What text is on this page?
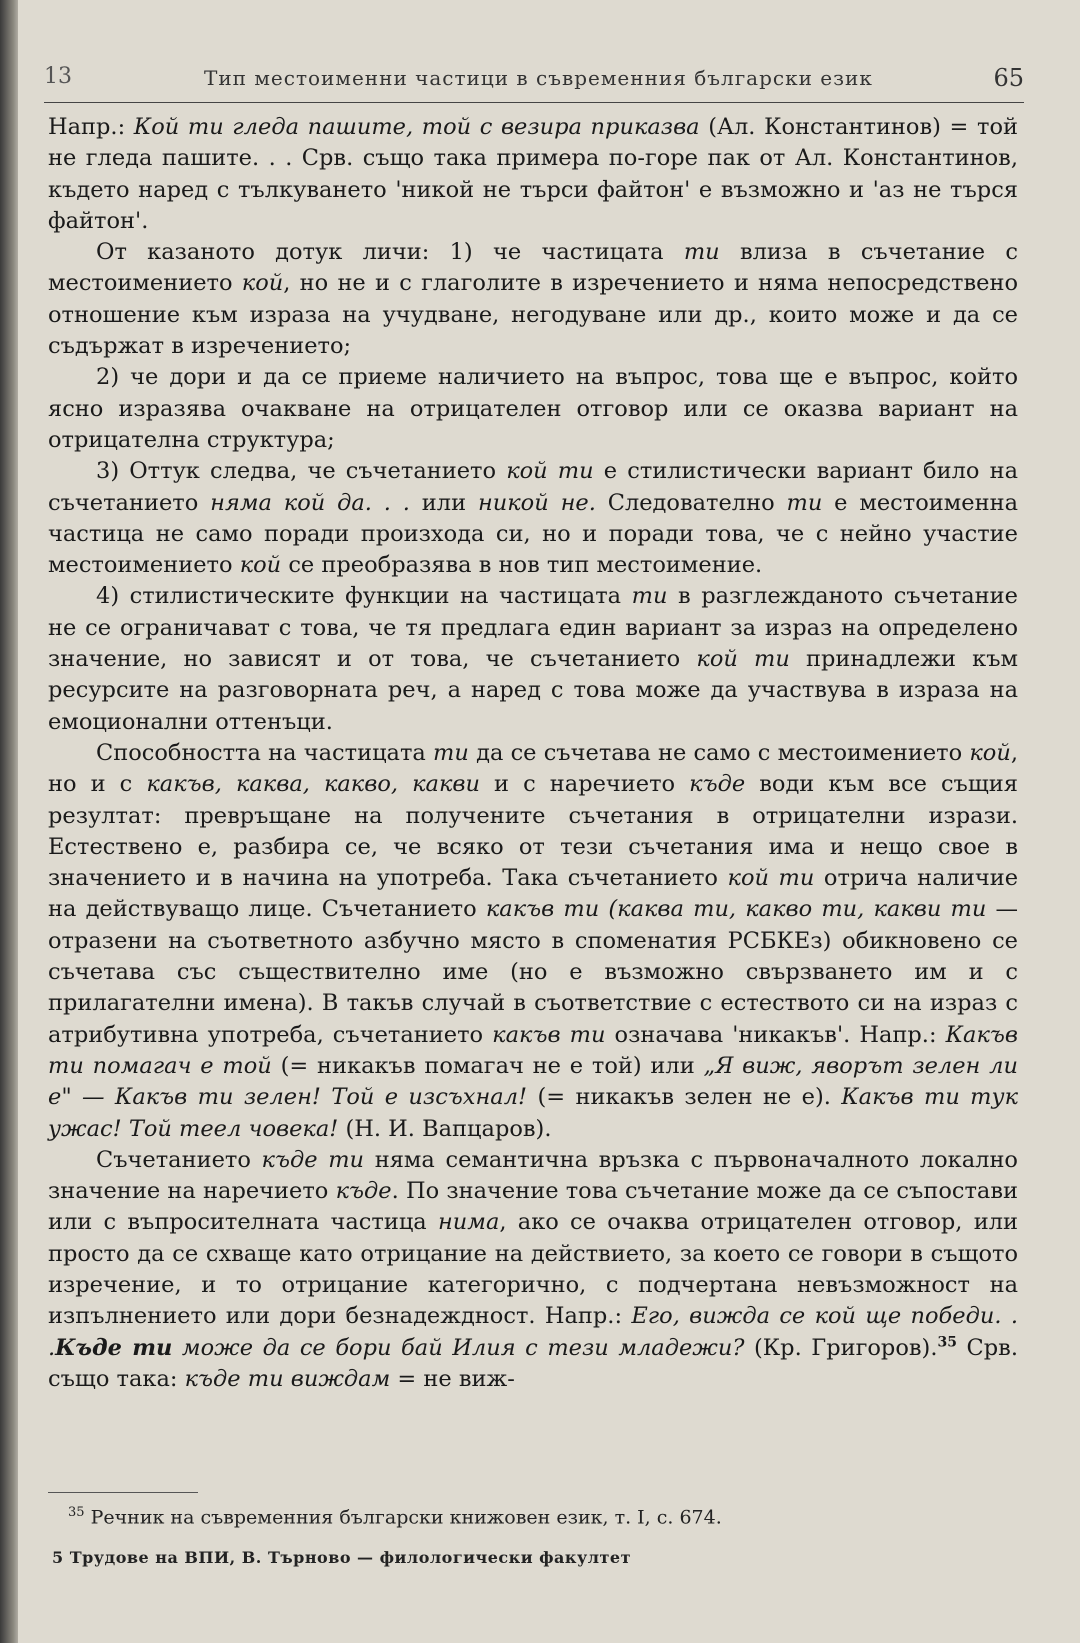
13	Тип местоименни частици в съвременния български език	65

Напр.: Кой ти гледа пашите, той с везира приказва (Ал. Константинов) = той не гледа пашите. . . Срв. също така примера по-горе пак от Ал. Константинов, където наред с тълкуването 'никой не търси файтон' е възможно и 'аз не търся файтон'.

От казаното дотук личи: 1) че частицата ти влиза в съчетание с местоимението кой, но не и с глаголите в изречението и няма непосредствено отношение към израза на учудване, негодуване или др., които може и да се съдържат в изречението;

2) че дори и да се приеме наличието на въпрос, това ще е въпрос, който ясно изразява очакване на отрицателен отговор или се оказва вариант на отрицателна структура;

3) Оттук следва, че съчетанието кой ти е стилистически вариант било на съчетанието няма кой да. . . или никой не. Следователно ти е местоименна частица не само поради произхода си, но и поради това, че с нейно участие местоимението кой се преобразява в нов тип местоимение.

4) стилистическите функции на частицата ти в разглежданото съчетание не се ограничават с това, че тя предлага един вариант за израз на определено значение, но зависят и от това, че съчетанието кой ти принадлежи към ресурсите на разговорната реч, а наред с това може да участвува в израза на емоционални оттенъци.

Способността на частицата ти да се съчетава не само с местоимението кой, но и с какъв, каква, какво, какви и с наречието къде води към все същия резултат: превръщане на получените съчетания в отрицателни изрази. Естествено е, разбира се, че всяко от тези съчетания има и нещо свое в значението и в начина на употреба. Така съчетанието кой ти отрича наличие на действуващо лице. Съчетанието какъв ти (каква ти, какво ти, какви ти — отразени на съответното азбучно място в споменатия РСБКЕз) обикновено се съчетава със съществително име (но е възможно свързването им и с прилагателни имена). В такъв случай в съответствие с естеството си на израз с атрибутивна употреба, съчетанието какъв ти означава 'никакъв'. Напр.: Какъв ти помагач е той (= никакъв помагач не е той) или „Я виж, яворът зелен ли е" — Какъв ти зелен! Той е изсъхнал! (= никакъв зелен не е). Какъв ти тук ужас! Той теел човека! (Н. И. Вапцаров).

Съчетанието къде ти няма семантична връзка с първоначалното локално значение на наречието къде. По значение това съчетание може да се съпостави или с въпросителната частица нима, ако се очаква отрицателен отговор, или просто да се схваще като отрицание на действието, за което се говори в същото изречение, и то отрицание категорично, с подчертана невъзможност на изпълнението или дори безнадеждност. Напр.: Его, виждa се кой ще победи. . .Къде ти може да се бори бай Илия с тези младежи? (Кр. Григоров).$^{35}$ Срв. също така: къде ти виждам = не виж-

$^{35}$ Речник на съвременния български книжовен език, т. I, с. 674.
5 Трудове на ВПИ, В. Търново — филологически факултет
